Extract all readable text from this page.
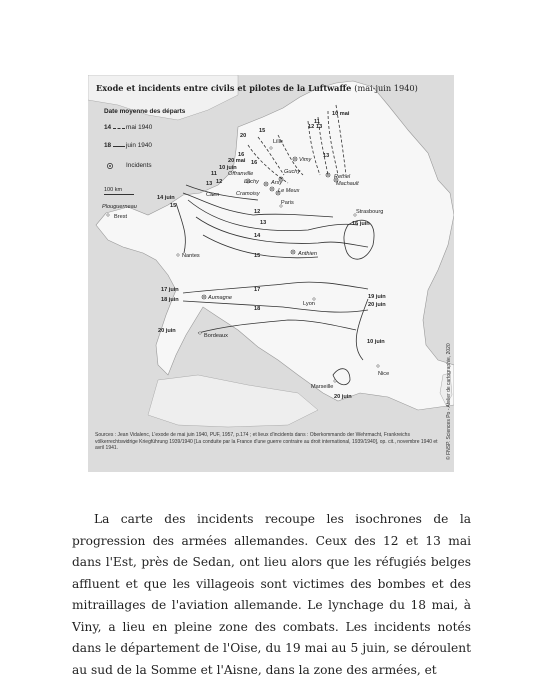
Lille
Vimy
Guchy
Offranville
Luchy Arsy
Le Meux
Cramoisy
Rethel
Machault
Caen
Paris
Plouguerneau
Brest
Strasbourg
Nantes	Anthien
Aumagne
Lyon
Bordeaux
Nice
Marseille
10 mai
11
12 13
15
20
16
20 mai
10 juin
11
12
13
16
13
14 juin
15
13
12
14
15
16 juin
17 juin
18 juin
17
18
19 juin
20 juin
20 juin
10 juin
20 juin
Exode et incidents entre civils et pilotes de la Luftwaffe (mai-juin 1940)
Date moyenne des départs
14 mai 1940
18 juin 1940
Incidents
100 km
Sources : Jean Vidalenc, L'exode de mai juin 1940, PUF, 1957, p.174 ; et lieux d'incidents dans : Oberkommando der Wehrmacht, Frankreichs völkerrechtswidrige Kriegführung 1939/1940 [La conduite par la France d'une guerre contraire au droit international, 1939/1940], op. cit., novembre 1940 et avril 1941.	© FNSP. Sciences Po - Atelier de cartographie, 2020

La carte des incidents recoupe les isochrones de la progression des armées allemandes. Ceux des 12 et 13 mai dans l'Est, près de Sedan, ont lieu alors que les réfugiés belges affluent et que les villageois sont victimes des bombes et des mitraillages de l'aviation allemande. Le lynchage du 18 mai, à Viny, a lieu en pleine zone des combats. Les incidents notés dans le département de l'Oise, du 19 mai au 5 juin, se déroulent au sud de la Somme et l'Aisne, dans la zone des armées, et
